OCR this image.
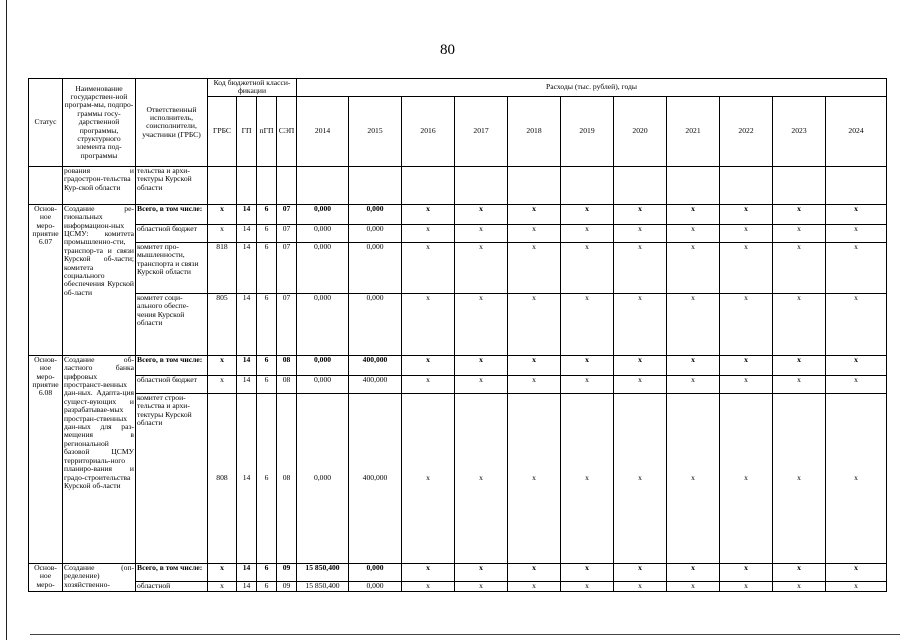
80
Статус	Наименование государствен-ной програм-мы, подпро-граммы госу-дарственной программы, структурного элемента под-программы	Ответственный исполнитель, соисполнители, участники (ГРБС)	Код бюджетной класси-фикации				Расходы (тыс. рублей), годы										
			ГРБС	ГП	пГП	СЭП	2014	2015	2016	2017	2018	2019	2020	2021	2022	2023	2024
	рования и градострон-тельства Кур-ской области	тельства и архи-тектуры Курской области															
Основ-ное меро-приятие 6.07	Создание ре-гиональных информацион-ных ЦСМУ: комитета промышленно-сти, транспор-та и связи Курской об-ласти; комитета социального обеспечения Курской об-ласти	Всего, в том числе:	x	14	6	07	0,000	0,000	x	x	x	x	x	x	x	x	x
		областной бюджет	x	14	6	07	0,000	0,000	x	x	x	x	x	x	x	x	x
		комитет про-мышленности, транспорта и связи Курской области	818	14	6	07	0,000	0,000	x	x	x	x	x	x	x	x	x
		комитет соци-ального обеспе-чения Курской области	805	14	6	07	0,000	0,000	x	x	x	x	x	x	x	x	x
Основ-ное меро-приятие 6.08	Создание об-ластного банка цифровых пространст-венных дан-ных. Адапта-ция сущест-вующих и разрабатывае-мых простран-ственных дан-ных для раз-мещения в региональной базовой ЦСМУ территориаль-ного планиро-вания и градо-строительства Курской об-ласти	Всего, в том числе:	x	14	6	08	0,000	400,000	x	x	x	x	x	x	x	x	x
		областной бюджет	x	14	6	08	0,000	400,000	x	x	x	x	x	x	x	x	x
		комитет строи-тельства и архи-тектуры Курской области	808	14	6	08	0,000	400,000	x	x	x	x	x	x	x	x	x
Основ-ное меро-	Создание (оп-ределение) хозяйственно-	Всего, в том числе:	x	14	6	09	15 850,400	0,000	x	x	x	x	x	x	x	x	x
		областной	x	14	6	09	15 850,400	0,000	x	x	x	x	x	x	x	x	x
